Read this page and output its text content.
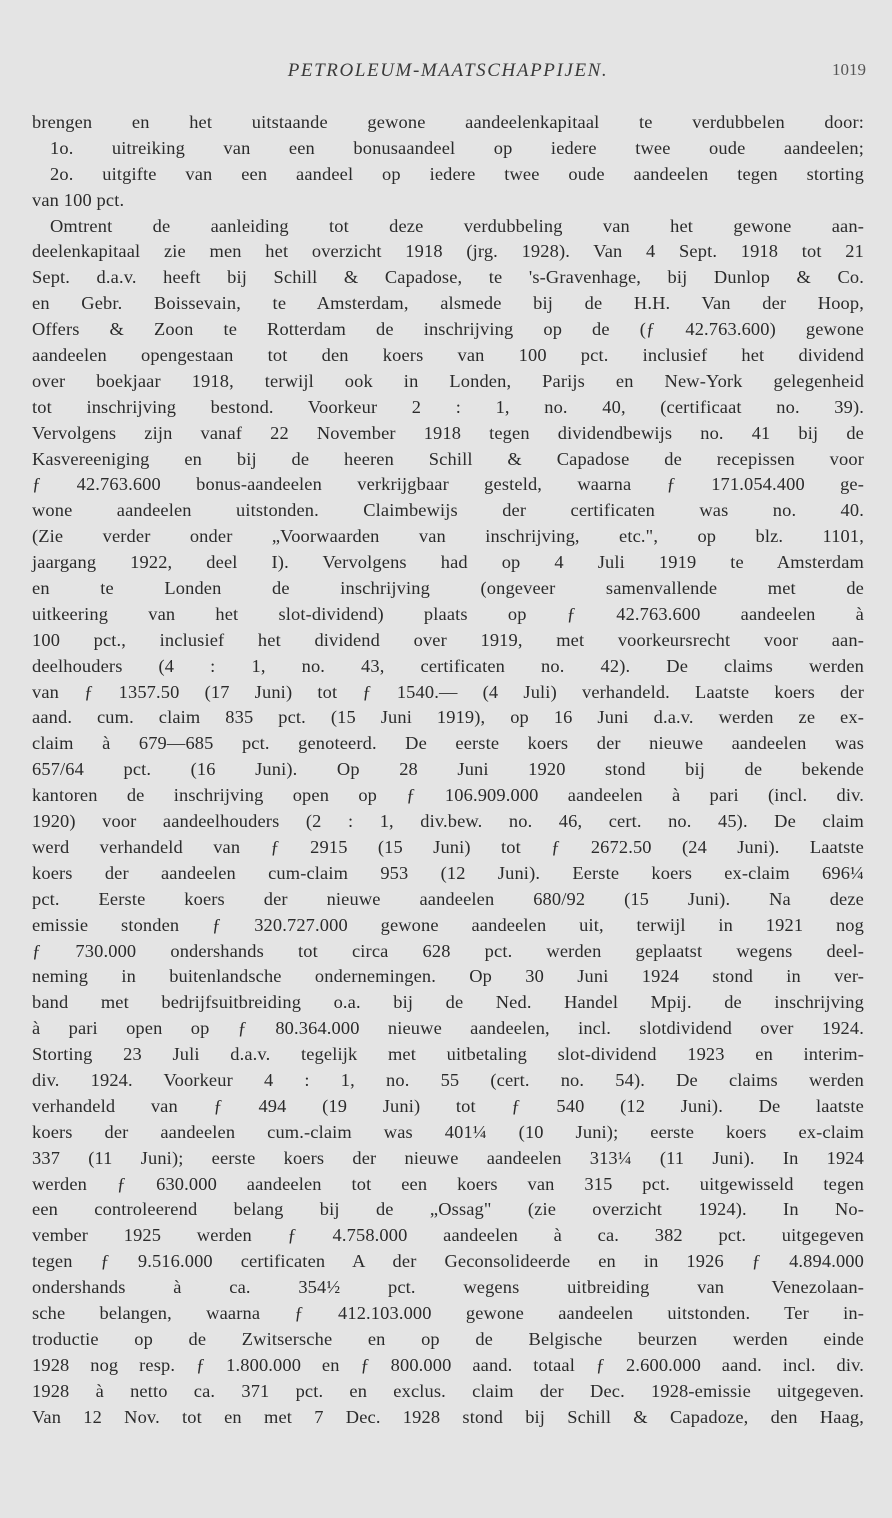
PETROLEUM-MAATSCHAPPIJEN.	1019
brengen en het uitstaande gewone aandeelenkapitaal te verdubbelen door:
1o. uitreiking van een bonusaandeel op iedere twee oude aandeelen;
2o. uitgifte van een aandeel op iedere twee oude aandeelen tegen storting
van 100 pct.
Omtrent de aanleiding tot deze verdubbeling van het gewone aan-
deelenkapitaal zie men het overzicht 1918 (jrg. 1928). Van 4 Sept. 1918 tot 21
Sept. d.a.v. heeft bij Schill & Capadose, te 's-Gravenhage, bij Dunlop & Co.
en Gebr. Boissevain, te Amsterdam, alsmede bij de H.H. Van der Hoop,
Offers & Zoon te Rotterdam de inschrijving op de (ƒ 42.763.600) gewone
aandeelen opengestaan tot den koers van 100 pct. inclusief het dividend
over boekjaar 1918, terwijl ook in Londen, Parijs en New-York gelegenheid
tot inschrijving bestond. Voorkeur 2 : 1, no. 40, (certificaat no. 39).
Vervolgens zijn vanaf 22 November 1918 tegen dividendbewijs no. 41 bij de
Kasvereeniging en bij de heeren Schill & Capadose de recepissen voor
ƒ 42.763.600 bonus-aandeelen verkrijgbaar gesteld, waarna ƒ 171.054.400 ge-
wone aandeelen uitstonden. Claimbewijs der certificaten was no. 40.
(Zie verder onder „Voorwaarden van inschrijving, etc.", op blz. 1101,
jaargang 1922, deel I). Vervolgens had op 4 Juli 1919 te Amsterdam
en te Londen de inschrijving (ongeveer samenvallende met de
uitkeering van het slot-dividend) plaats op ƒ 42.763.600 aandeelen à
100 pct., inclusief het dividend over 1919, met voorkeursrecht voor aan-
deelhouders (4 : 1, no. 43, certificaten no. 42). De claims werden
van ƒ 1357.50 (17 Juni) tot ƒ 1540.— (4 Juli) verhandeld. Laatste koers der
aand. cum. claim 835 pct. (15 Juni 1919), op 16 Juni d.a.v. werden ze ex-
claim à 679—685 pct. genoteerd. De eerste koers der nieuwe aandeelen was
657/64 pct. (16 Juni). Op 28 Juni 1920 stond bij de bekende
kantoren de inschrijving open op ƒ 106.909.000 aandeelen à pari (incl. div.
1920) voor aandeelhouders (2 : 1, div.bew. no. 46, cert. no. 45). De claim
werd verhandeld van ƒ 2915 (15 Juni) tot ƒ 2672.50 (24 Juni). Laatste
koers der aandeelen cum-claim 953 (12 Juni). Eerste koers ex-claim 696¼
pct. Eerste koers der nieuwe aandeelen 680/92 (15 Juni). Na deze
emissie stonden ƒ 320.727.000 gewone aandeelen uit, terwijl in 1921 nog
ƒ 730.000 ondershands tot circa 628 pct. werden geplaatst wegens deel-
neming in buitenlandsche ondernemingen. Op 30 Juni 1924 stond in ver-
band met bedrijfsuitbreiding o.a. bij de Ned. Handel Mpij. de inschrijving
à pari open op ƒ 80.364.000 nieuwe aandeelen, incl. slotdividend over 1924.
Storting 23 Juli d.a.v. tegelijk met uitbetaling slot-dividend 1923 en interim-
div. 1924. Voorkeur 4 : 1, no. 55 (cert. no. 54). De claims werden
verhandeld van ƒ 494 (19 Juni) tot ƒ 540 (12 Juni). De laatste
koers der aandeelen cum.-claim was 401¼ (10 Juni); eerste koers ex-claim
337 (11 Juni); eerste koers der nieuwe aandeelen 313¼ (11 Juni). In 1924
werden ƒ 630.000 aandeelen tot een koers van 315 pct. uitgewisseld tegen
een controleerend belang bij de „Ossag" (zie overzicht 1924). In No-
vember 1925 werden ƒ 4.758.000 aandeelen à ca. 382 pct. uitgegeven
tegen ƒ 9.516.000 certificaten A der Geconsolideerde en in 1926 ƒ 4.894.000
ondershands à ca. 354½ pct. wegens uitbreiding van Venezolaan-
sche belangen, waarna ƒ 412.103.000 gewone aandeelen uitstonden. Ter in-
troductie op de Zwitsersche en op de Belgische beurzen werden einde
1928 nog resp. ƒ 1.800.000 en ƒ 800.000 aand. totaal ƒ 2.600.000 aand. incl. div.
1928 à netto ca. 371 pct. en exclus. claim der Dec. 1928-emissie uitgegeven.
Van 12 Nov. tot en met 7 Dec. 1928 stond bij Schill & Capadoze, den Haag,
